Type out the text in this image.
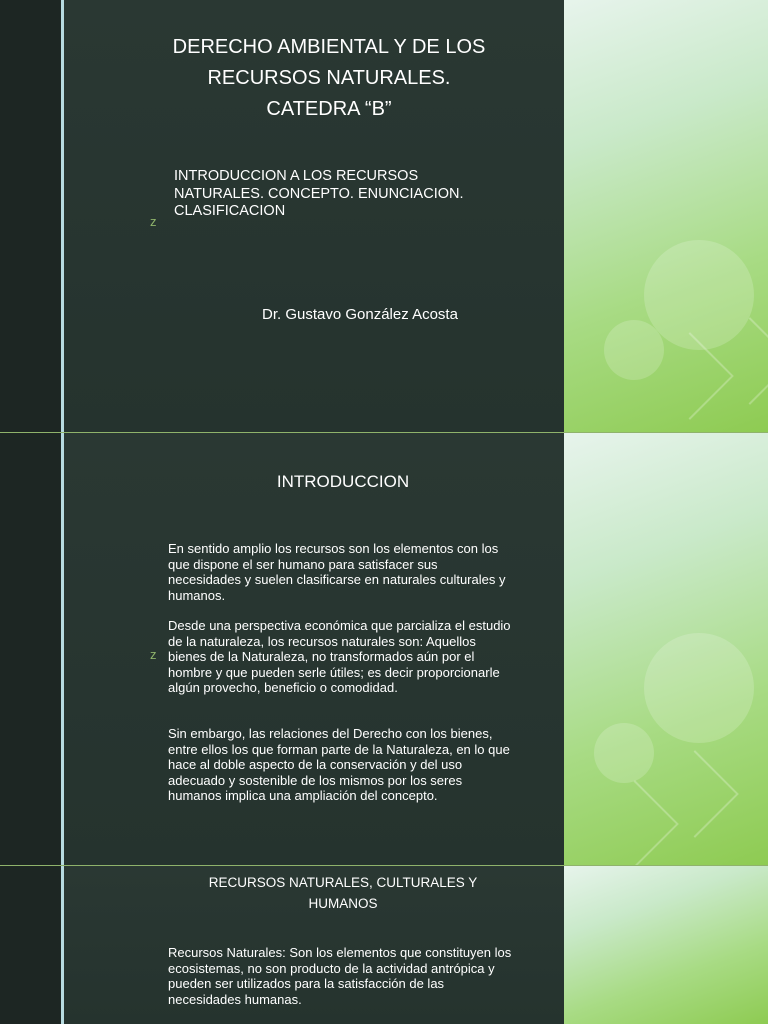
DERECHO AMBIENTAL Y DE LOS
RECURSOS NATURALES.
CATEDRA “B”
INTRODUCCION A LOS RECURSOS
NATURALES. CONCEPTO. ENUNCIACION.
CLASIFICACION
z
Dr. Gustavo González Acosta
INTRODUCCION

En sentido amplio los recursos son los elementos con los que dispone el ser humano para satisfacer sus necesidades y suelen clasificarse en naturales culturales y humanos.

Desde una perspectiva económica que parcializa el estudio de la naturaleza, los recursos naturales son: Aquellos bienes de la Naturaleza, no transformados aún por el hombre y que pueden serle útiles; es decir proporcionarle algún provecho, beneficio o comodidad.

z

Sin embargo, las relaciones del Derecho con los bienes, entre ellos los que forman parte de la Naturaleza, en lo que hace al doble aspecto de la conservación y del uso adecuado y sostenible de los mismos por los seres humanos implica una ampliación del concepto.

RECURSOS NATURALES, CULTURALES Y
HUMANOS

Recursos Naturales: Son los elementos que constituyen los ecosistemas, no son producto de la actividad antrópica y pueden ser utilizados para la satisfacción de las necesidades humanas.
